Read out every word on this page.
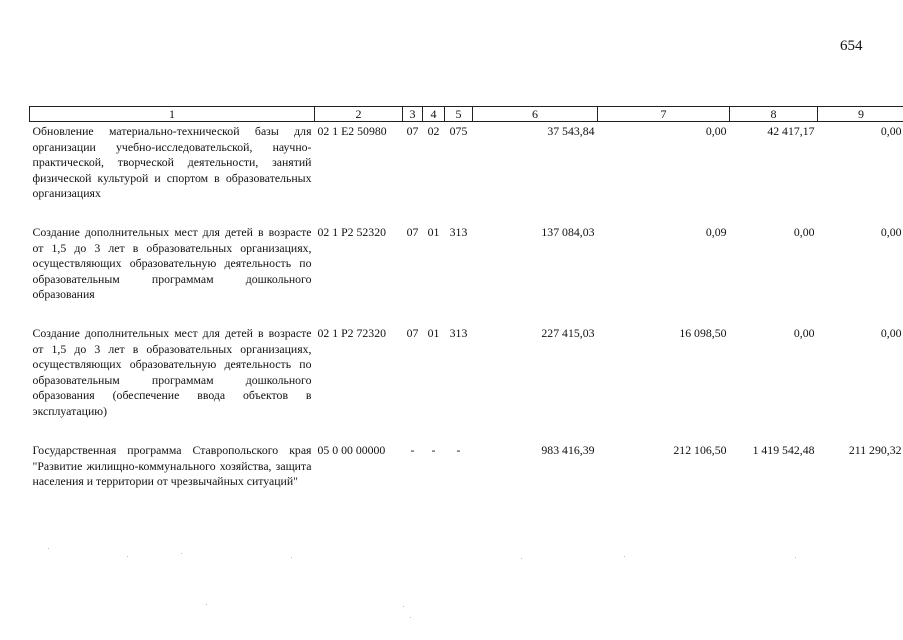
654
1	2	3	4	5	6	7	8	9
Обновление материально-технической базы для организации учебно-исследовательской, научно-практической, творческой деятельности, занятий физической культурой и спортом в образовательных организациях	02 1 E2 50980	07	02	075	37 543,84	0,00	42 417,17	0,00
Создание дополнительных мест для детей в возрасте от 1,5 до 3 лет в образовательных организациях, осуществляющих образовательную деятельность по образовательным программам дошкольного образования	02 1 P2 52320	07	01	313	137 084,03	0,09	0,00	0,00
Создание дополнительных мест для детей в возрасте от 1,5 до 3 лет в образовательных организациях, осуществляющих образовательную деятельность по образовательным программам дошкольного образования (обеспечение ввода объектов в эксплуатацию)	02 1 P2 72320	07	01	313	227 415,03	16 098,50	0,00	0,00
Государственная программа Ставропольского края "Развитие жилищно-коммунального хозяйства, защита населения и территории от чрезвычайных ситуаций"	05 0 00 00000	-	-	-	983 416,39	212 106,50	1 419 542,48	211 290,32
